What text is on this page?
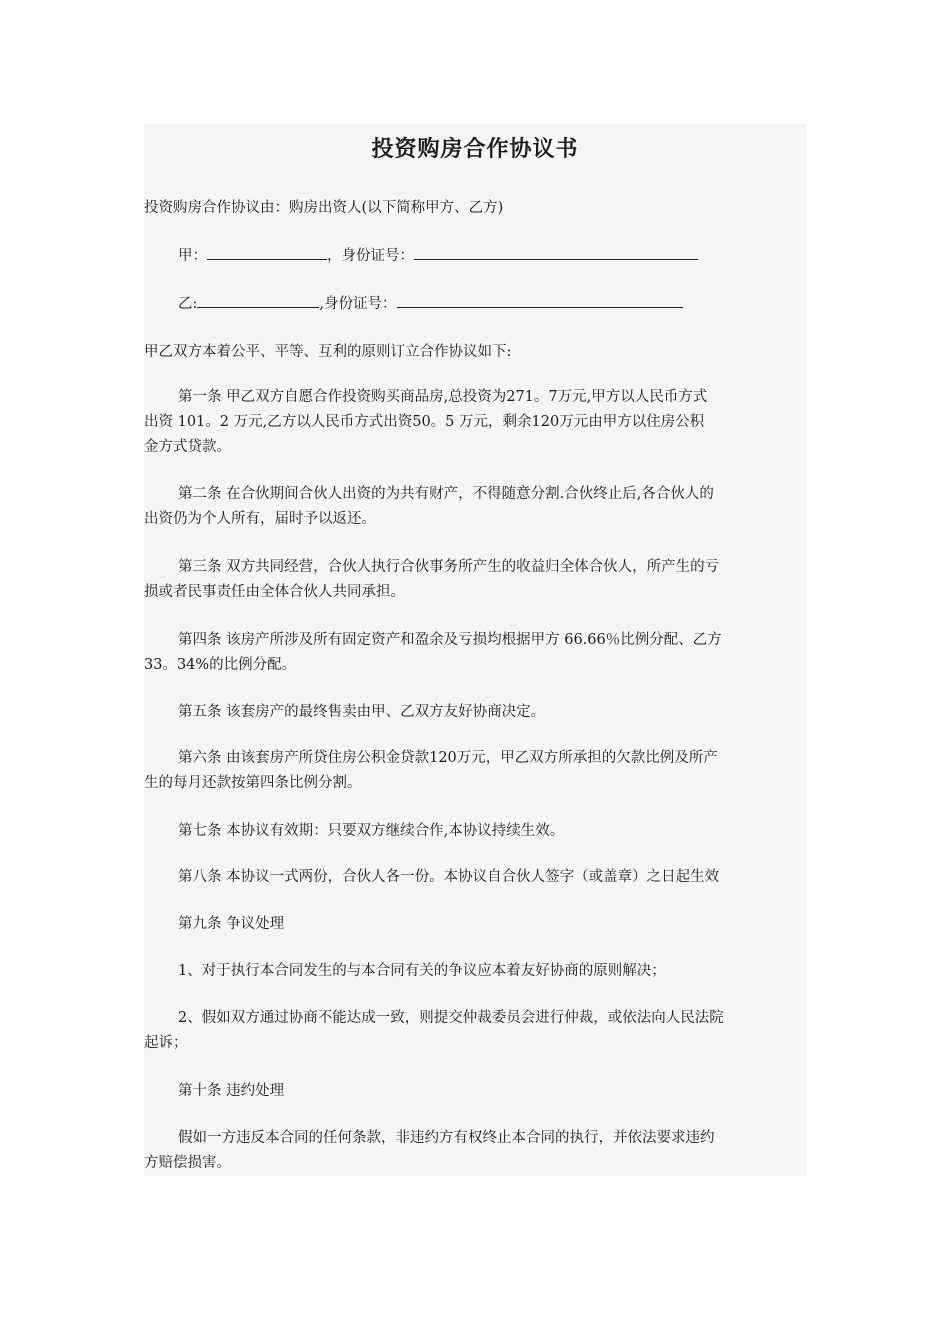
投资购房合作协议书

投资购房合作协议由：购房出资人(以下简称甲方、乙方)

甲：	，身份证号：

乙:	,身份证号：

甲乙双方本着公平、平等、互利的原则订立合作协议如下:

第一条 甲乙双方自愿合作投资购买商品房,总投资为271。7万元,甲方以人民币方式

出资 101。2 万元,乙方以人民币方式出资50。5 万元，剩余120万元由甲方以住房公积

金方式贷款。

第二条 在合伙期间合伙人出资的为共有财产，不得随意分割.合伙终止后,各合伙人的

出资仍为个人所有，届时予以返还。

第三条 双方共同经营，合伙人执行合伙事务所产生的收益归全体合伙人，所产生的亏

损或者民事责任由全体合伙人共同承担。

第四条 该房产所涉及所有固定资产和盈余及亏损均根据甲方 66.66％比例分配、乙方

33。34%的比例分配。

第五条 该套房产的最终售卖由甲、乙双方友好协商决定。

第六条 由该套房产所贷住房公积金贷款120万元，甲乙双方所承担的欠款比例及所产

生的每月还款按第四条比例分割。

第七条 本协议有效期：只要双方继续合作,本协议持续生效。

第八条 本协议一式两份，合伙人各一份。本协议自合伙人签字（或盖章）之日起生效

第九条 争议处理

1、对于执行本合同发生的与本合同有关的争议应本着友好协商的原则解决；

2、假如双方通过协商不能达成一致，则提交仲裁委员会进行仲裁，或依法向人民法院

起诉；

第十条 违约处理

假如一方违反本合同的任何条款，非违约方有权终止本合同的执行，并依法要求违约

方赔偿损害。
